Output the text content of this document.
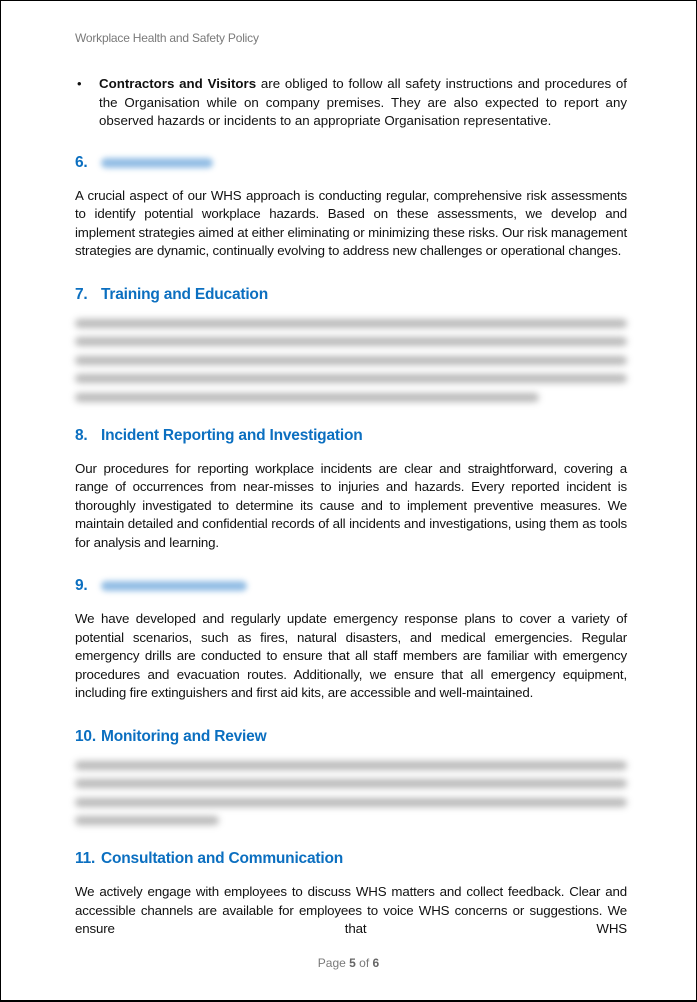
Workplace Health and Safety Policy
•	Contractors and Visitors are obliged to follow all safety instructions and procedures of the Organisation while on company premises. They are also expected to report any observed hazards or incidents to an appropriate Organisation representative.
6.
A crucial aspect of our WHS approach is conducting regular, comprehensive risk assessments to identify potential workplace hazards. Based on these assessments, we develop and implement strategies aimed at either eliminating or minimizing these risks. Our risk management strategies are dynamic, continually evolving to address new challenges or operational changes.
7. Training and Education
8. Incident Reporting and Investigation
Our procedures for reporting workplace incidents are clear and straightforward, covering a range of occurrences from near-misses to injuries and hazards. Every reported incident is thoroughly investigated to determine its cause and to implement preventive measures. We maintain detailed and confidential records of all incidents and investigations, using them as tools for analysis and learning.
9.
We have developed and regularly update emergency response plans to cover a variety of potential scenarios, such as fires, natural disasters, and medical emergencies. Regular emergency drills are conducted to ensure that all staff members are familiar with emergency procedures and evacuation routes. Additionally, we ensure that all emergency equipment, including fire extinguishers and first aid kits, are accessible and well-maintained.
10. Monitoring and Review
11. Consultation and Communication
We actively engage with employees to discuss WHS matters and collect feedback. Clear and accessible channels are available for employees to voice WHS concerns or suggestions. We ensure that WHS
Page 5 of 6
